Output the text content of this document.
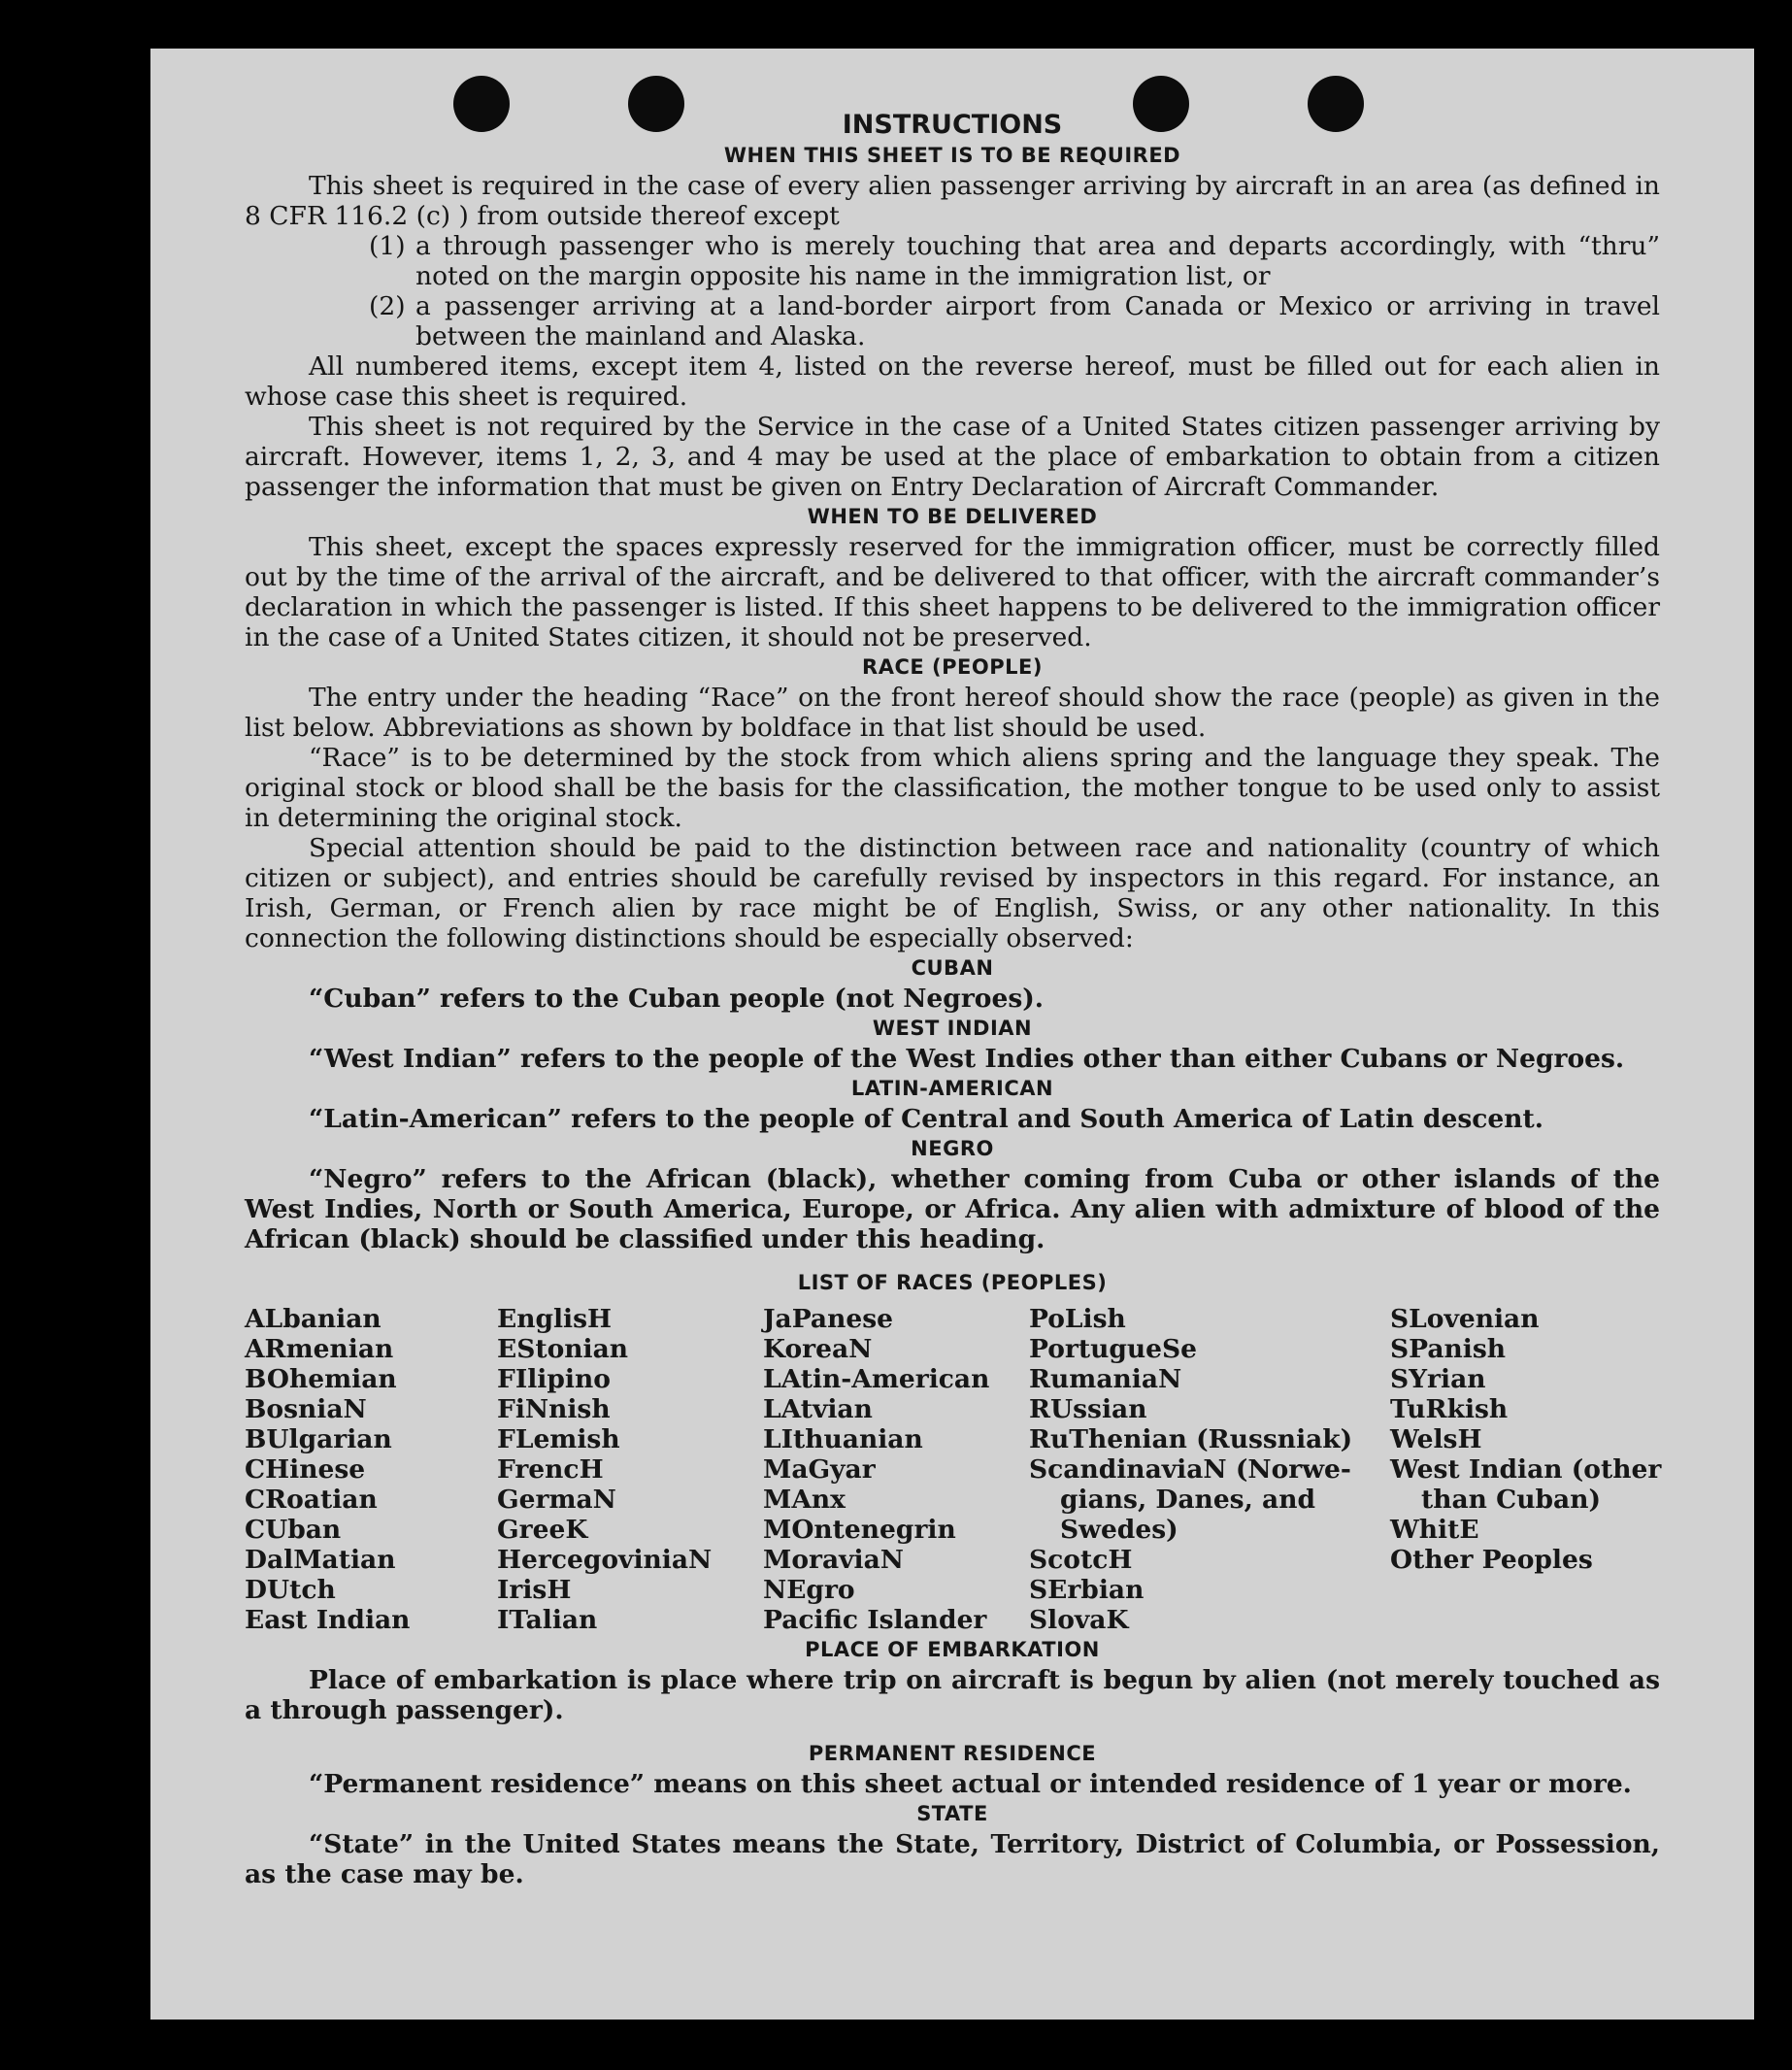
INSTRUCTIONS
WHEN THIS SHEET IS TO BE REQUIRED

This sheet is required in the case of every alien passenger arriving by aircraft in an area (as defined in 8 CFR 116.2 (c) ) from outside thereof except

(1) a through passenger who is merely touching that area and departs accordingly, with “thru” noted on the margin opposite his name in the immigration list, or
(2) a passenger arriving at a land-border airport from Canada or Mexico or arriving in travel between the mainland and Alaska.

All numbered items, except item 4, listed on the reverse hereof, must be filled out for each alien in whose case this sheet is required.

This sheet is not required by the Service in the case of a United States citizen passenger arriving by aircraft. However, items 1, 2, 3, and 4 may be used at the place of embarkation to obtain from a citizen passenger the information that must be given on Entry Declaration of Aircraft Commander.

WHEN TO BE DELIVERED

This sheet, except the spaces expressly reserved for the immigration officer, must be correctly filled out by the time of the arrival of the aircraft, and be delivered to that officer, with the aircraft commander’s declaration in which the passenger is listed. If this sheet happens to be delivered to the immigration officer in the case of a United States citizen, it should not be preserved.

RACE (PEOPLE)

The entry under the heading “Race” on the front hereof should show the race (people) as given in the list below. Abbreviations as shown by boldface in that list should be used.

“Race” is to be determined by the stock from which aliens spring and the language they speak. The original stock or blood shall be the basis for the classification, the mother tongue to be used only to assist in determining the original stock.

Special attention should be paid to the distinction between race and nationality (country of which citizen or subject), and entries should be carefully revised by inspectors in this regard. For instance, an Irish, German, or French alien by race might be of English, Swiss, or any other nationality. In this connection the following distinctions should be especially observed:

CUBAN

“Cuban” refers to the Cuban people (not Negroes).

WEST INDIAN

“West Indian” refers to the people of the West Indies other than either Cubans or Negroes.

LATIN-AMERICAN

“Latin-American” refers to the people of Central and South America of Latin descent.

NEGRO

“Negro” refers to the African (black), whether coming from Cuba or other islands of the West Indies, North or South America, Europe, or Africa. Any alien with admixture of blood of the African (black) should be classified under this heading.

LIST OF RACES (PEOPLES)
ALbanian
ARmenian
BOhemian
BosniaN
BUlgarian
CHinese
CRoatian
CUban
DalMatian
DUtch
East Indian
EnglisH
EStonian
FIlipino
FiNnish
FLemish
FrencH
GermaN
GreeK
HercegoviniaN
IrisH
ITalian
JaPanese
KoreaN
LAtin-American
LAtvian
LIthuanian
MaGyar
MAnx
MOntenegrin
MoraviaN
NEgro
Pacific Islander
PoLish
PortugueSe
RumaniaN
RUssian
RuThenian (Russniak)
ScandinaviaN (Norwe-
gians, Danes, and
Swedes)
ScotcH
SErbian
SlovaK
SLovenian
SPanish
SYrian
TuRkish
WelsH
West Indian (other
than Cuban)
WhitE
Other Peoples
PLACE OF EMBARKATION

Place of embarkation is place where trip on aircraft is begun by alien (not merely touched as a through passenger).

PERMANENT RESIDENCE

“Permanent residence” means on this sheet actual or intended residence of 1 year or more.

STATE

“State” in the United States means the State, Territory, District of Columbia, or Possession, as the case may be.
